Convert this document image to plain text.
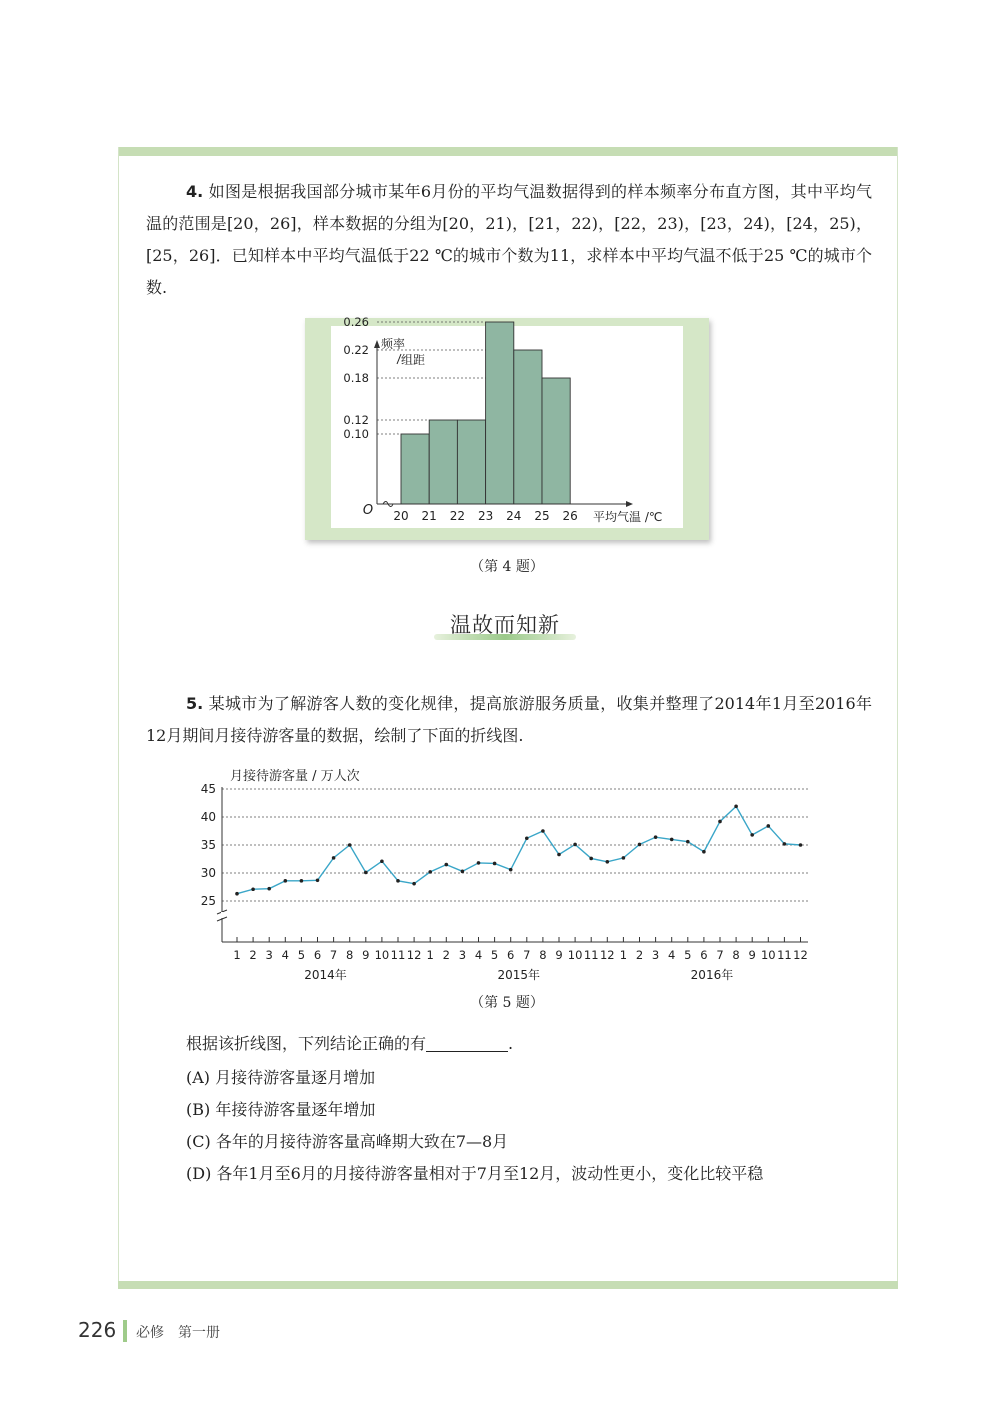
4. 如图是根据我国部分城市某年6月份的平均气温数据得到的样本频率分布直方图，其中平均气温的范围是[20，26]，样本数据的分组为[20，21)，[21，22)，[22，23)，[23，24)，[24，25)，[25，26]．已知样本中平均气温低于22 ℃的城市个数为11，求样本中平均气温不低于25 ℃的城市个数.

0.10
0.12
0.18
0.22
0.26
20 21 22 23 24 25 26
O	平均气温 /℃
频率
组距
（第 4 题）
温故而知新

5. 某城市为了解游客人数的变化规律，提高旅游服务质量，收集并整理了2014年1月至2016年12月期间月接待游客量的数据，绘制了下面的折线图.

月接待游客量 / 万人次
25
30
35
40
45
1 2 3 4 5 6 7 8 9 10 11 12 1 2 3 4 5 6 7 8 9 10 11 12 1 2 3 4 5 6 7 8 9 10 11 12
2014年	2015年	2016年
（第 5 题）

根据该折线图，下列结论正确的有	.

(A) 月接待游客量逐月增加

(B) 年接待游客量逐年增加

(C) 各年的月接待游客量高峰期大致在7—8月

(D) 各年1月至6月的月接待游客量相对于7月至12月，波动性更小，变化比较平稳

226 必修　第一册
